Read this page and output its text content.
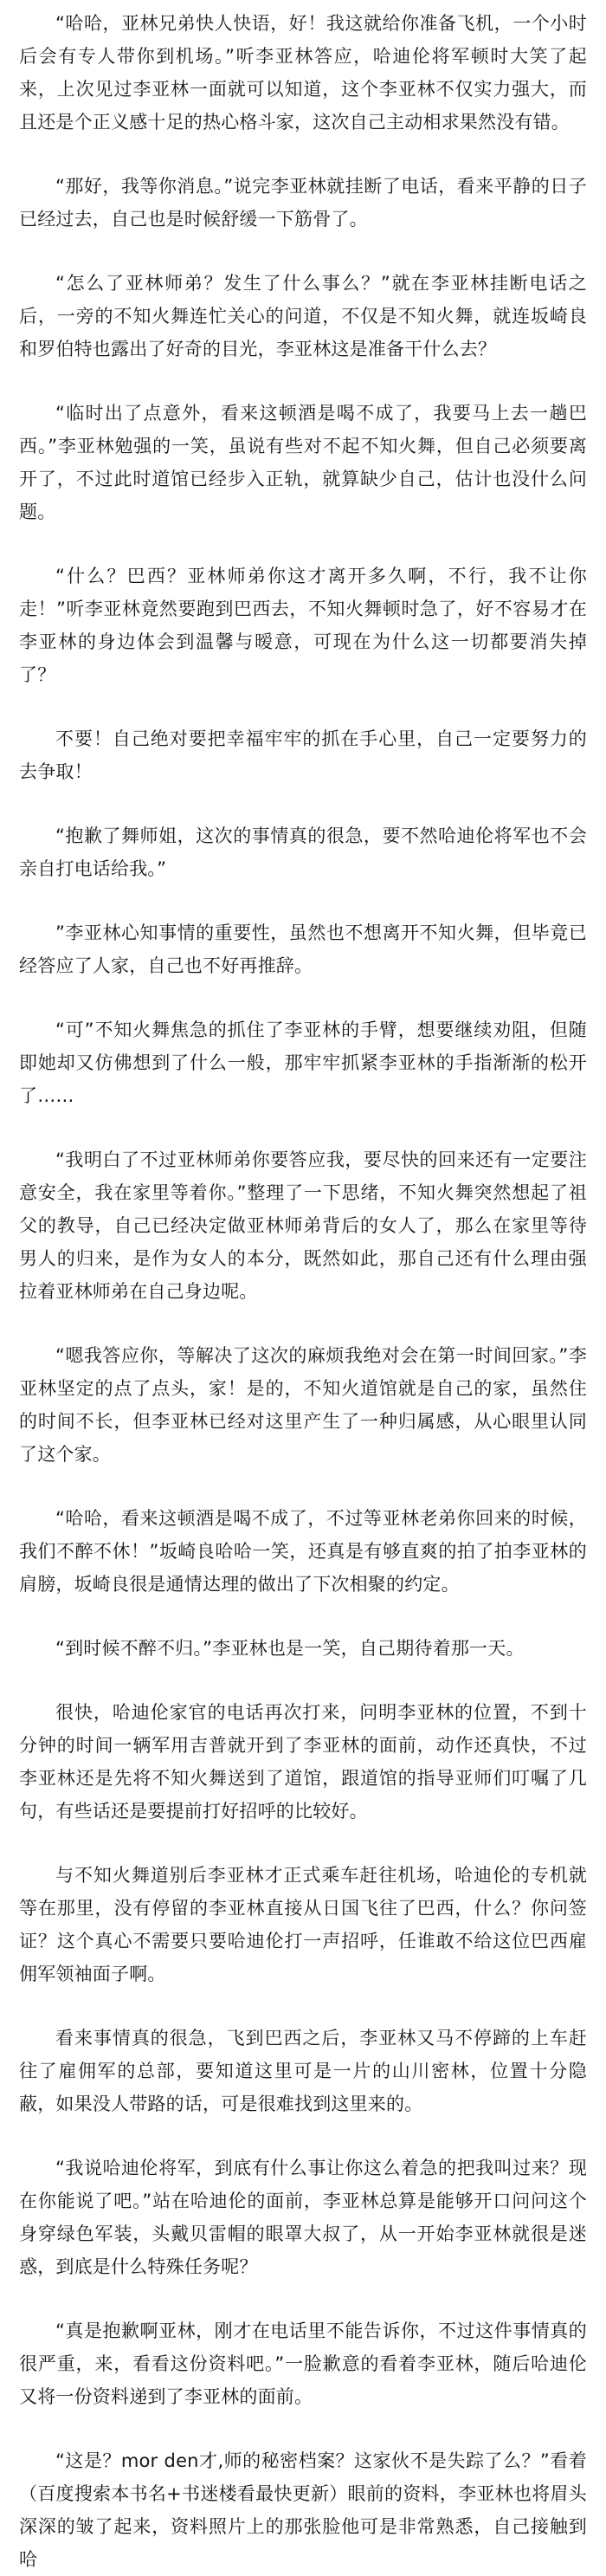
“哈哈，亚林兄弟快人快语，好！我这就给你准备飞机，一个小时后会有专人带你到机场。”听李亚林答应，哈迪伦将军顿时大笑了起来，上次见过李亚林一面就可以知道，这个李亚林不仅实力强大，而且还是个正义感十足的热心格斗家，这次自己主动相求果然没有错。

“那好，我等你消息。”说完李亚林就挂断了电话，看来平静的日子已经过去，自己也是时候舒缓一下筋骨了。

“怎么了亚林师弟？发生了什么事么？”就在李亚林挂断电话之后，一旁的不知火舞连忙关心的问道，不仅是不知火舞，就连坂崎良和罗伯特也露出了好奇的目光，李亚林这是准备干什么去？

“临时出了点意外，看来这顿酒是喝不成了，我要马上去一趟巴西。”李亚林勉强的一笑，虽说有些对不起不知火舞，但自己必须要离开了，不过此时道馆已经步入正轨，就算缺少自己，估计也没什么问题。

“什么？巴西？亚林师弟你这才离开多久啊，不行，我不让你走！”听李亚林竟然要跑到巴西去，不知火舞顿时急了，好不容易才在李亚林的身边体会到温馨与暧意，可现在为什么这一切都要消失掉了？

不要！自己绝对要把幸福牢牢的抓在手心里，自己一定要努力的去争取！

“抱歉了舞师姐，这次的事情真的很急，要不然哈迪伦将军也不会亲自打电话给我。”

”李亚林心知事情的重要性，虽然也不想离开不知火舞，但毕竟已经答应了人家，自己也不好再推辞。

“可”不知火舞焦急的抓住了李亚林的手臂，想要继续劝阻，但随即她却又仿佛想到了什么一般，那牢牢抓紧李亚林的手指渐渐的松开了……

“我明白了不过亚林师弟你要答应我，要尽快的回来还有一定要注意安全，我在家里等着你。”整理了一下思绪，不知火舞突然想起了祖父的教导，自己已经决定做亚林师弟背后的女人了，那么在家里等待男人的归来，是作为女人的本分，既然如此，那自己还有什么理由强拉着亚林师弟在自己身边呢。

“嗯我答应你，等解决了这次的麻烦我绝对会在第一时间回家。”李亚林坚定的点了点头，家！是的，不知火道馆就是自己的家，虽然住的时间不长，但李亚林已经对这里产生了一种归属感，从心眼里认同了这个家。

“哈哈，看来这顿酒是喝不成了，不过等亚林老弟你回来的时候，我们不醉不休！”坂崎良哈哈一笑，还真是有够直爽的拍了拍李亚林的肩膀，坂崎良很是通情达理的做出了下次相聚的约定。

“到时候不醉不归。”李亚林也是一笑，自己期待着那一天。

很快，哈迪伦家官的电话再次打来，问明李亚林的位置，不到十分钟的时间一辆军用吉普就开到了李亚林的面前，动作还真快，不过李亚林还是先将不知火舞送到了道馆，跟道馆的指导亚师们叮嘱了几句，有些话还是要提前打好招呼的比较好。

与不知火舞道别后李亚林才正式乘车赶往机场，哈迪伦的专机就等在那里，没有停留的李亚林直接从日国飞往了巴西，什么？你问签证？这个真心不需要只要哈迪伦打一声招呼，任谁敢不给这位巴西雇佣军领袖面子啊。

看来事情真的很急，飞到巴西之后，李亚林又马不停蹄的上车赶往了雇佣军的总部，要知道这里可是一片的山川密林，位置十分隐蔽，如果没人带路的话，可是很难找到这里来的。

“我说哈迪伦将军，到底有什么事让你这么着急的把我叫过来？现在你能说了吧。”站在哈迪伦的面前，李亚林总算是能够开口问问这个身穿绿色军装，头戴贝雷帽的眼罩大叔了，从一开始李亚林就很是迷惑，到底是什么特殊任务呢？

“真是抱歉啊亚林，刚才在电话里不能告诉你，不过这件事情真的很严重，来，看看这份资料吧。”一脸歉意的看着李亚林，随后哈迪伦又将一份资料递到了李亚林的面前。

“这是？mor den才,师的秘密档案？这家伙不是失踪了么？”看着（百度搜索本书名+书迷楼看最快更新）眼前的资料，李亚林也将眉头深深的皱了起来，资料照片上的那张脸他可是非常熟悉，自己接触到哈
